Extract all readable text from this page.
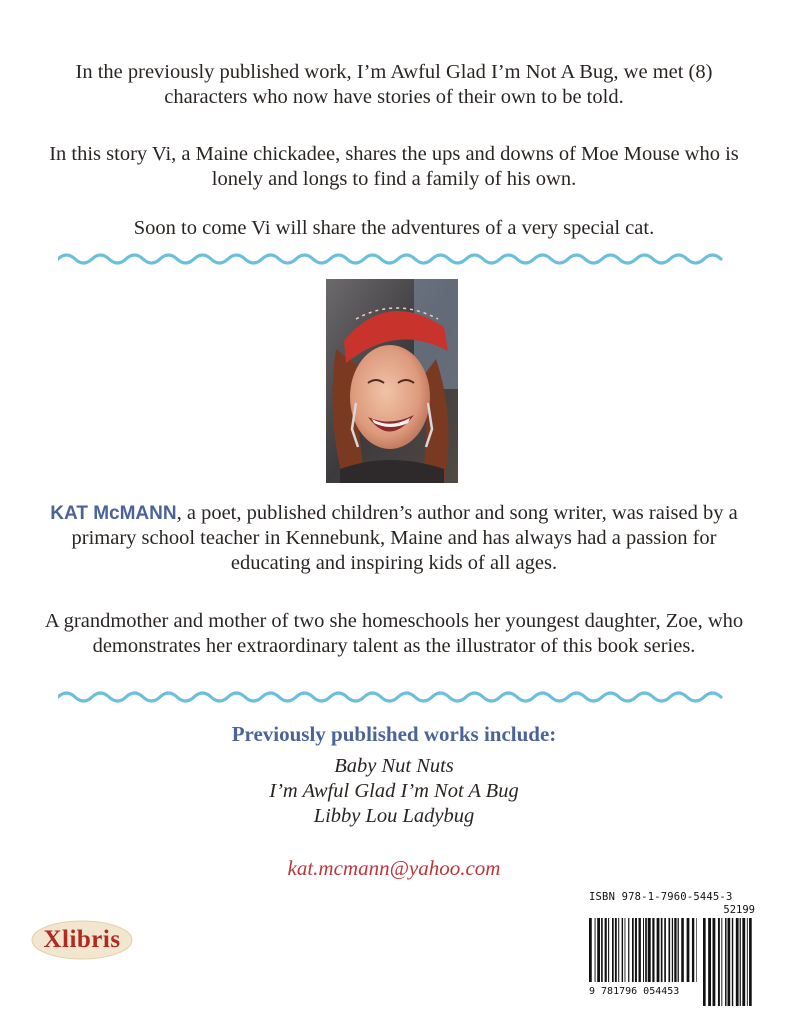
In the previously published work, I’m Awful Glad I’m Not A Bug, we met (8) characters who now have stories of their own to be told.

In this story Vi, a Maine chickadee, shares the ups and downs of Moe Mouse who is lonely and longs to find a family of his own.

Soon to come Vi will share the adventures of a very special cat.

KAT McMANN, a poet, published children’s author and song writer, was raised by a primary school teacher in Kennebunk, Maine and has always had a passion for educating and inspiring kids of all ages.

A grandmother and mother of two she homeschools her youngest daughter, Zoe, who demonstrates her extraordinary talent as the illustrator of this book series.

Previously published works include:

Baby Nut Nuts

I’m Awful Glad I’m Not A Bug

Libby Lou Ladybug

kat.mcmann@yahoo.com

Xlibris
ISBN 978-1-7960-5445-3
52199
9 781796 054453
